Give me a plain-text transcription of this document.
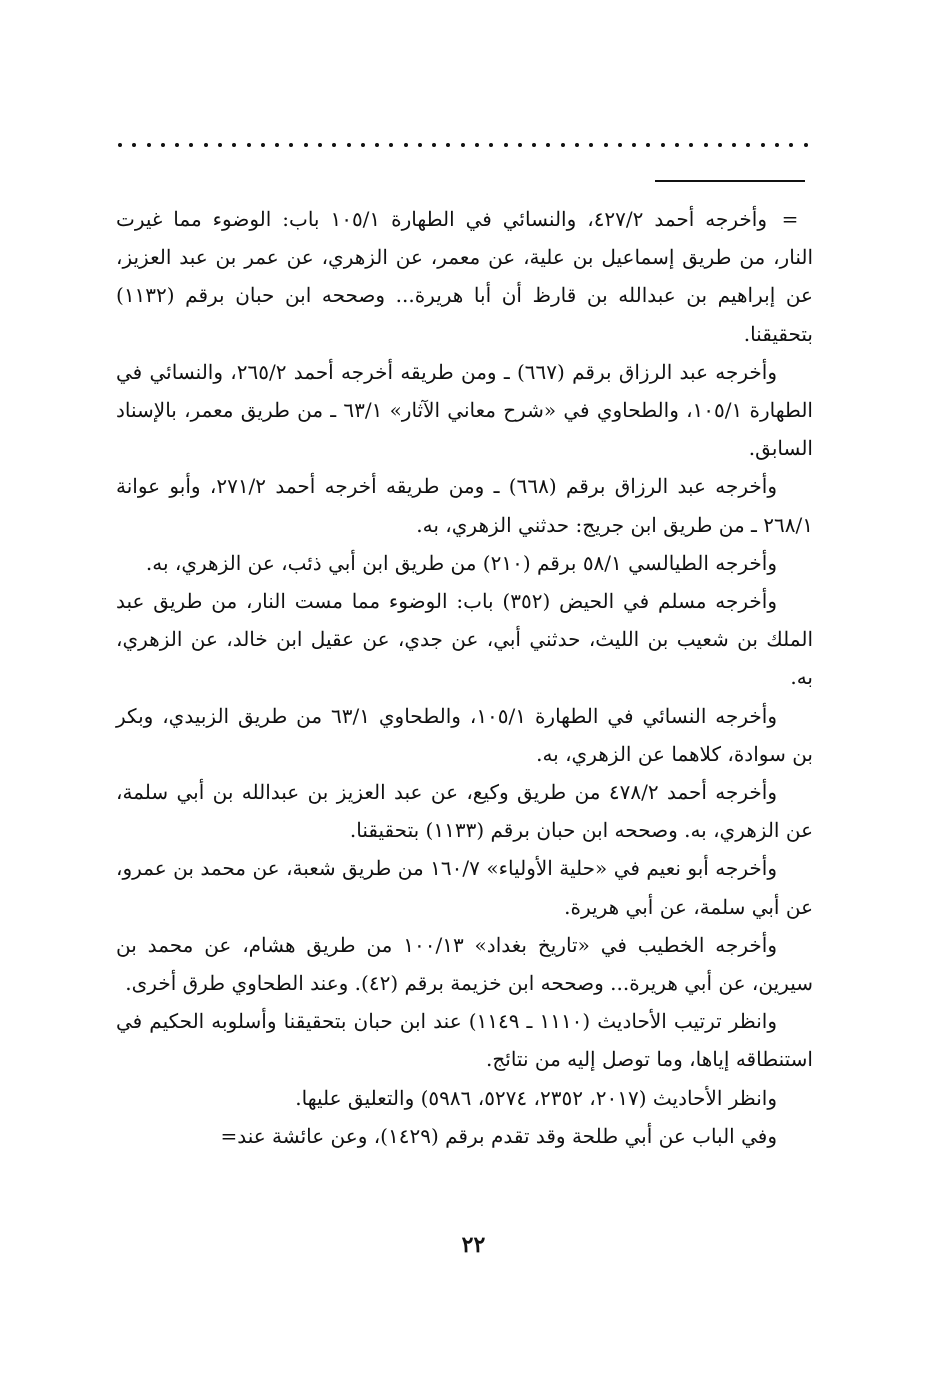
=وأخرجه أحمد ٤٢٧/٢، والنسائي في الطهارة ١٠٥/١ باب: الوضوء مما غيرت النار، من طريق إسماعيل بن علية، عن معمر، عن الزهري، عن عمر بن عبد العزيز، عن إبراهيم بن عبدالله بن قارظ أن أبا هريرة... وصححه ابن حبان برقم (١١٣٢) بتحقيقنا.

وأخرجه عبد الرزاق برقم (٦٦٧) ـ ومن طريقه أخرجه أحمد ٢٦٥/٢، والنسائي في الطهارة ١٠٥/١، والطحاوي في «شرح معاني الآثار» ٦٣/١ ـ من طريق معمر، بالإسناد السابق.

وأخرجه عبد الرزاق برقم (٦٦٨) ـ ومن طريقه أخرجه أحمد ٢٧١/٢، وأبو عوانة ٢٦٨/١ ـ من طريق ابن جريج: حدثني الزهري، به.

وأخرجه الطيالسي ٥٨/١ برقم (٢١٠) من طريق ابن أبي ذئب، عن الزهري، به.

وأخرجه مسلم في الحيض (٣٥٢) باب: الوضوء مما مست النار، من طريق عبد الملك بن شعيب بن الليث، حدثني أبي، عن جدي، عن عقيل ابن خالد، عن الزهري، به.

وأخرجه النسائي في الطهارة ١٠٥/١، والطحاوي ٦٣/١ من طريق الزبيدي، وبكر بن سوادة، كلاهما عن الزهري، به.

وأخرجه أحمد ٤٧٨/٢ من طريق وكيع، عن عبد العزيز بن عبدالله بن أبي سلمة، عن الزهري، به. وصححه ابن حبان برقم (١١٣٣) بتحقيقنا.

وأخرجه أبو نعيم في «حلية الأولياء» ١٦٠/٧ من طريق شعبة، عن محمد بن عمرو، عن أبي سلمة، عن أبي هريرة.

وأخرجه الخطيب في «تاريخ بغداد» ١٠٠/١٣ من طريق هشام، عن محمد بن سيرين، عن أبي هريرة... وصححه ابن خزيمة برقم (٤٢). وعند الطحاوي طرق أخرى.

وانظر ترتيب الأحاديث (١١١٠ ـ ١١٤٩) عند ابن حبان بتحقيقنا وأسلوبه الحكيم في استنطاقه إياها، وما توصل إليه من نتائج.

وانظر الأحاديث (٢٠١٧، ٢٣٥٢، ٥٢٧٤، ٥٩٨٦) والتعليق عليها.

وفي الباب عن أبي طلحة وقد تقدم برقم (١٤٢٩)، وعن عائشة عند=

٢٢
